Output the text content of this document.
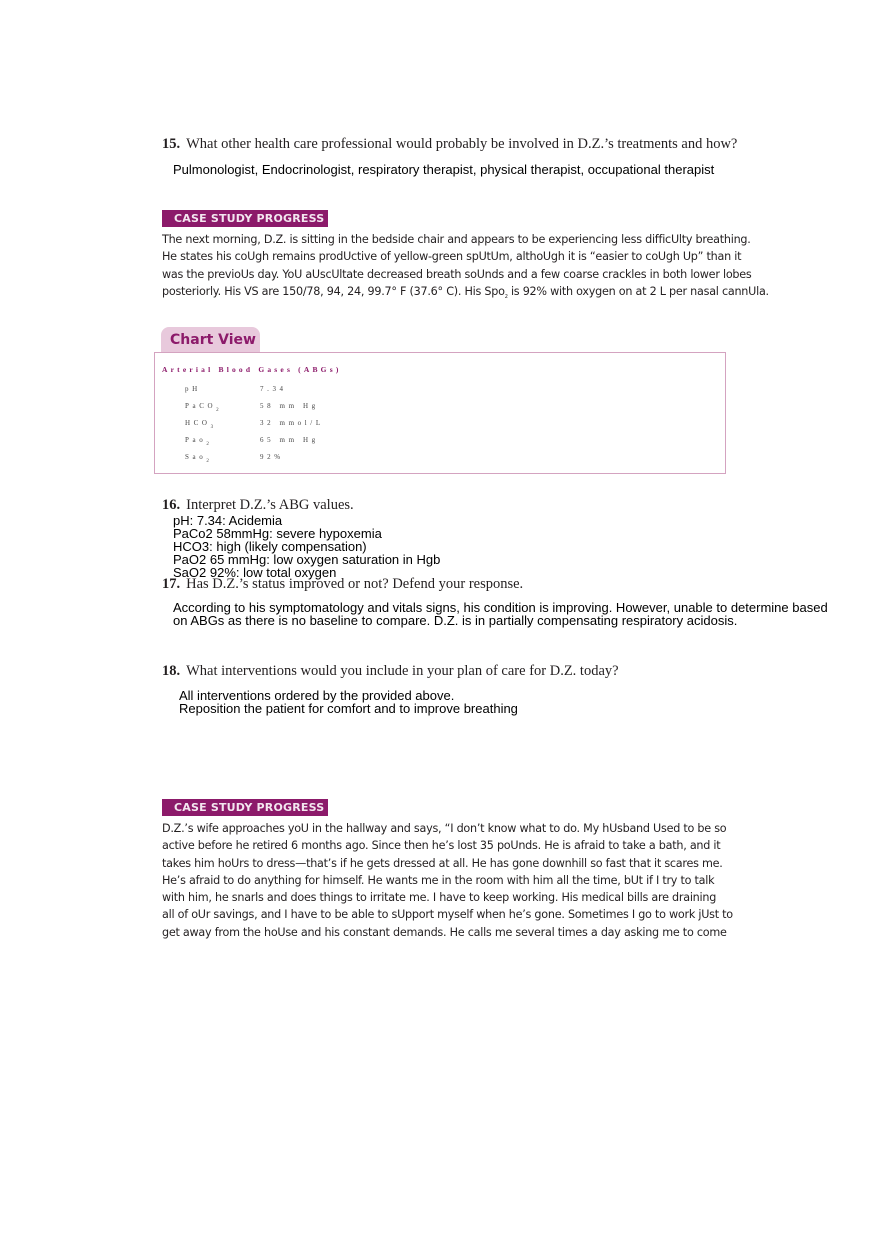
15. What other health care professional would probably be involved in D.Z.’s treatments and how?
Pulmonologist, Endocrinologist, respiratory therapist, physical therapist, occupational therapist
CASE STUDY PROGRESS
The next morning, D.Z. is sitting in the bedside chair and appears to be experiencing less difficUlty breathing.
He states his coUgh remains prodUctive of yellow-green spUtUm, althoUgh it is “easier to coUgh Up” than it
was the previoUs day. YoU aUscUltate decreased breath soUnds and a few coarse crackles in both lower lobes
posteriorly. His VS are 150/78, 94, 24, 99.7° F (37.6° C). His Spo$_2$ is 92% with oxygen on at 2 L per nasal cannUla.
Chart View
Arterial Blood Gases (ABGs)
pH	7.34
PaCO$_2$
58 mm Hg
$HCO_3$
32 mmol/L
Pao$_2$
65 mm Hg
Sao$_2$
92%
16. Interpret D.Z.’s ABG values.
pH: 7.34: Acidemia
PaCo2 58mmHg: severe hypoxemia
HCO3: high (likely compensation)
PaO2 65 mmHg: low oxygen saturation in Hgb
SaO2 92%: low total oxygen
17. Has D.Z.’s status improved or not? Defend your response.
According to his symptomatology and vitals signs, his condition is improving. However, unable to determine based
on ABGs as there is no baseline to compare. D.Z. is in partially compensating respiratory acidosis.
18. What interventions would you include in your plan of care for D.Z. today?
All interventions ordered by the provided above.
Reposition the patient for comfort and to improve breathing
CASE STUDY PROGRESS
D.Z.’s wife approaches yoU in the hallway and says, “I don’t know what to do. My hUsband Used to be so
active before he retired 6 months ago. Since then he’s lost 35 poUnds. He is afraid to take a bath, and it
takes him hoUrs to dress—that’s if he gets dressed at all. He has gone downhill so fast that it scares me.
He’s afraid to do anything for himself. He wants me in the room with him all the time, bUt if I try to talk
with him, he snarls and does things to irritate me. I have to keep working. His medical bills are draining
all of oUr savings, and I have to be able to sUpport myself when he’s gone. Sometimes I go to work jUst to
get away from the hoUse and his constant demands. He calls me several times a day asking me to come
